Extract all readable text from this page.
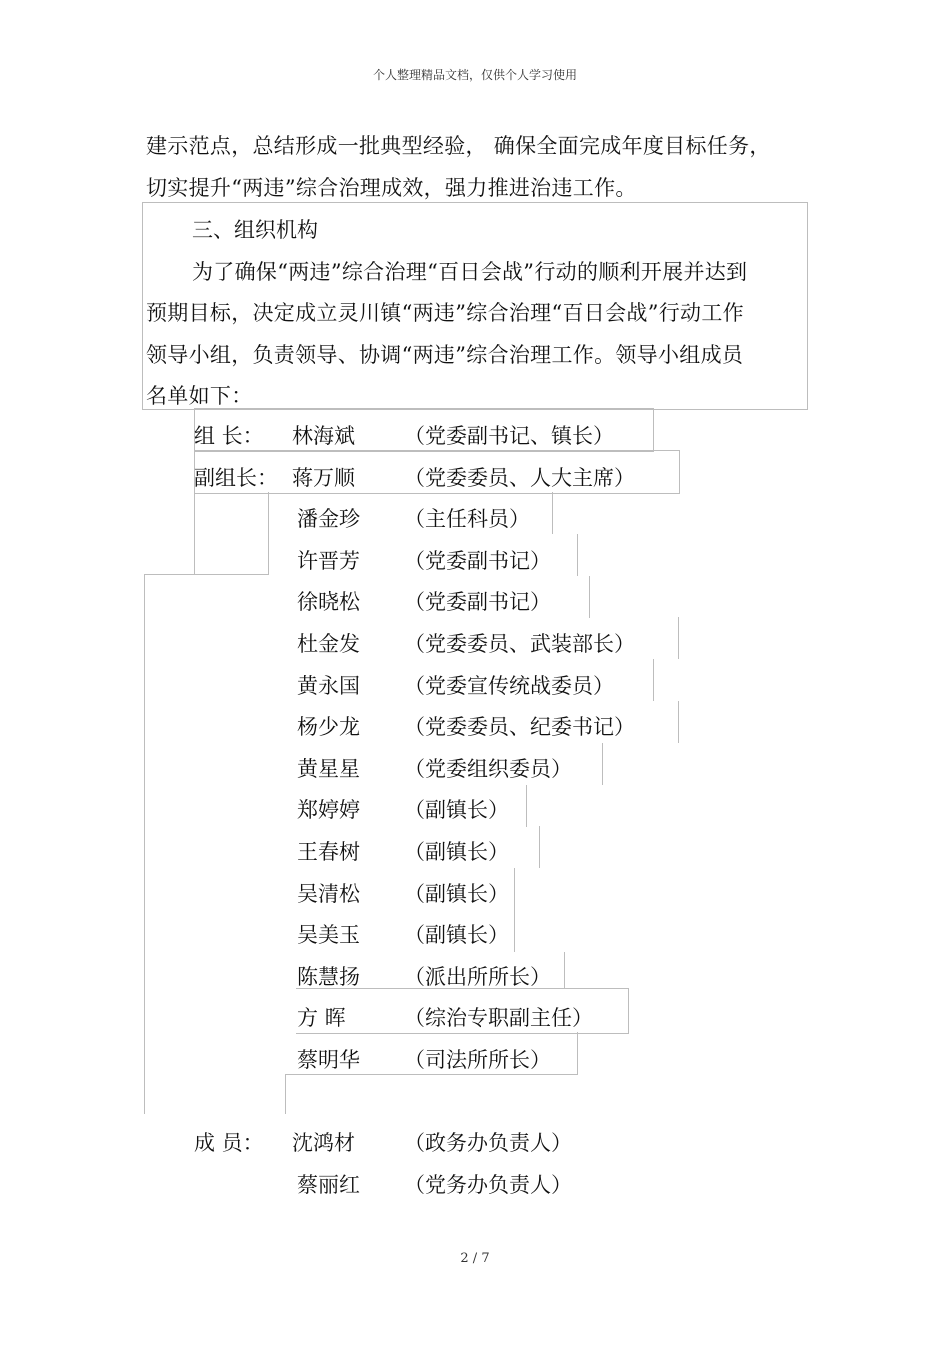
个人整理精品文档，仅供个人学习使用
建示范点，总结形成一批典型经验， 确保全面完成年度目标任务，
切实提升“两违”综合治理成效，强力推进治违工作。
三、组织机构
为了确保“两违”综合治理“百日会战”行动的顺利开展并达到
预期目标，决定成立灵川镇“两违”综合治理“百日会战”行动工作
领导小组，负责领导、协调“两违”综合治理工作。领导小组成员
名单如下：
组 长： 林海斌 （党委副书记、镇长）
副组长： 蒋万顺 （党委委员、人大主席）
潘金珍 （主任科员）
许晋芳 （党委副书记）
徐晓松 （党委副书记）
杜金发 （党委委员、武装部长）
黄永国 （党委宣传统战委员）
杨少龙 （党委委员、纪委书记）
黄星星 （党委组织委员）
郑婷婷 （副镇长）
王春树 （副镇长）
吴清松 （副镇长）
吴美玉 （副镇长）
陈慧扬 （派出所所长）
方 晖	（综治专职副主任）
蔡明华 （司法所所长）
成 员： 沈鸿材 （政务办负责人）
蔡丽红 （党务办负责人）
2 / 7
